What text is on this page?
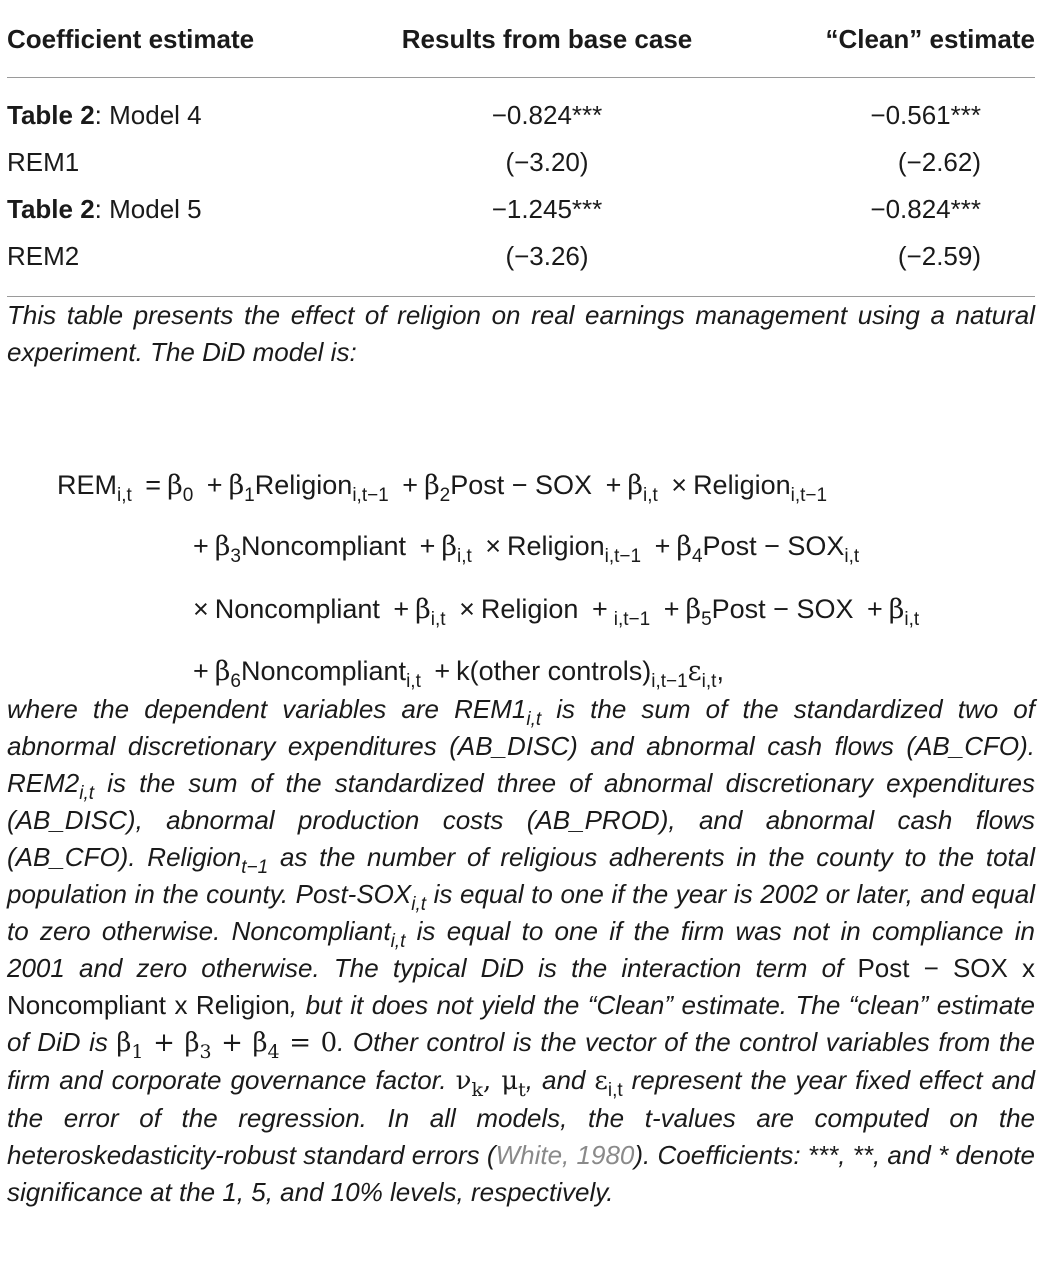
Coefficient estimate	Results from base case	“Clean” estimate
Table 2: Model 4	−0.824***	−0.561***
REM1	(−3.20)	(−2.62)
Table 2: Model 5	−1.245***	−0.824***
REM2	(−3.26)	(−2.59)

This table presents the effect of religion on real earnings management using a natural experiment. The DiD model is:

$REM_{i,t} = \beta_0$ + $\beta_1Religion_{i,t-1}$ + $\beta_2Post$ − SOX + $\beta_{i,t}$ × Religion$_{i,t-1}$
+ $\beta_3Noncompliant + \beta_{i,t}$ × Religion$_{i,t-1}$ + $\beta_4Post - SOX_{i,t}$
× Noncompliant + $\beta_{i,t}$ × Religion + $_{i,t-1} + \beta_5Post$ − SOX + $\beta_{i,t}$
+ $\beta_6Noncompliant_{i,t}$ + k(other $controls)_{i,t-1}\varepsilon_{i,t}$,

where the dependent variables are $REM1_{i,t}$ is the sum of the standardized two of abnormal discretionary expenditures (AB_DISC) and abnormal cash flows (AB_CFO). $REM2_{i,t}$ is the sum of the standardized three of abnormal discretionary expenditures (AB_DISC), abnormal production costs (AB_PROD), and abnormal cash flows (AB_CFO). Religion$_{t-1}$ as the number of religious adherents in the county to the total population in the county. Post-$SOX_{i,t}$ is equal to one if the year is 2002 or later, and equal to zero otherwise. Noncompliant$_{i,t}$ is equal to one if the firm was not in compliance in 2001 and zero otherwise. The typical DiD is the interaction term of Post − SOX x Noncompliant x Religion, but it does not yield the “Clean” estimate. The “clean” estimate of DiD is $\beta_1 + \beta_3 + \beta_4 = 0$. Other control is the vector of the control variables from the firm and corporate governance factor. $\nu_k$, $\mu_t$, and $\varepsilon_{i,t}$ represent the year fixed effect and the error of the regression. In all models, the t-values are computed on the heteroskedasticity-robust standard errors (White, 1980). Coefficients: ***, **, and * denote significance at the 1, 5, and 10% levels, respectively.
